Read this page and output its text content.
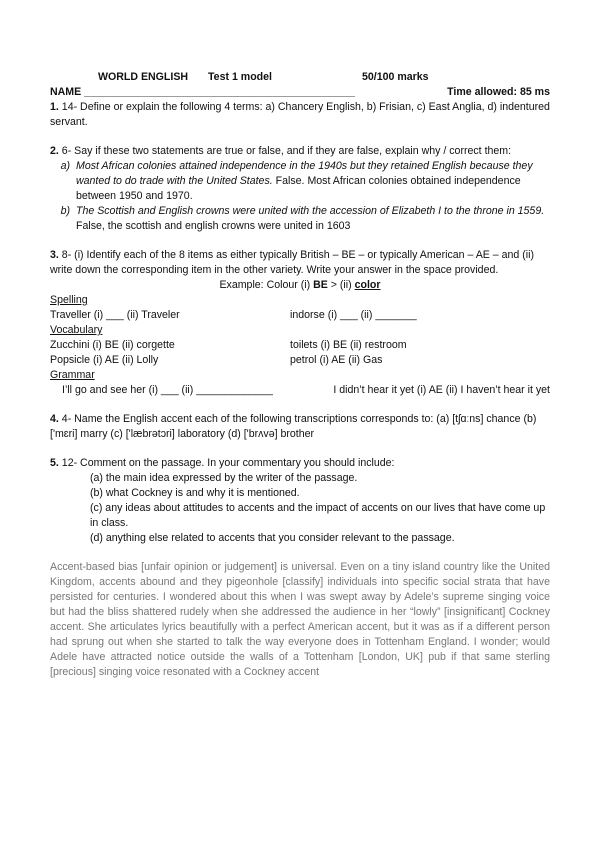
WORLD ENGLISH Test 1 model	50/100 marks
NAME ______________________________________________	Time allowed: 85 ms

1. 14- Define or explain the following 4 terms: a) Chancery English, b) Frisian, c) East Anglia, d) indentured servant.

2. 6- Say if these two statements are true or false, and if they are false, explain why / correct them:

a) Most African colonies attained independence in the 1940s but they retained English because they wanted to do trade with the United States. False. Most African colonies obtained independence between 1950 and 1970.
b) The Scottish and English crowns were united with the accession of Elizabeth I to the throne in 1559. False, the scottish and english crowns were united in 1603

3. 8- (i) Identify each of the 8 items as either typically British – BE – or typically American – AE – and (ii) write down the corresponding item in the other variety. Write your answer in the space provided.

Example: Colour (i) BE > (ii) color

Spelling

Traveller (i) ___ (ii) Traveler	indorse (i) ___ (ii) _______

Vocabulary

Zucchini (i) BE (ii) corgette	toilets (i) BE (ii) restroom
Popsicle (i) AE (ii) Lolly	petrol (i) AE (ii) Gas

Grammar

I’ll go and see her (i) ___ (ii) _____________	I didn’t hear it yet (i) AE (ii) I haven’t hear it yet

4. 4- Name the English accent each of the following transcriptions corresponds to: (a) [tʃɑːns] chance (b) ['mɛri] marry (c) ['læbrətɔri] laboratory (d) ['brʌvə] brother

5. 12- Comment on the passage. In your commentary you should include:

(a) the main idea expressed by the writer of the passage.

(b) what Cockney is and why it is mentioned.

(c) any ideas about attitudes to accents and the impact of accents on our lives that have come up in class.

(d) anything else related to accents that you consider relevant to the passage.

Accent-based bias [unfair opinion or judgement] is universal. Even on a tiny island country like the United Kingdom, accents abound and they pigeonhole [classify] individuals into specific social strata that have persisted for centuries. I wondered about this when I was swept away by Adele’s supreme singing voice but had the bliss shattered rudely when she addressed the audience in her “lowly” [insignificant] Cockney accent. She articulates lyrics beautifully with a perfect American accent, but it was as if a different person had sprung out when she started to talk the way everyone does in Tottenham England. I wonder; would Adele have attracted notice outside the walls of a Tottenham [London, UK] pub if that same sterling [precious] singing voice resonated with a Cockney accent
